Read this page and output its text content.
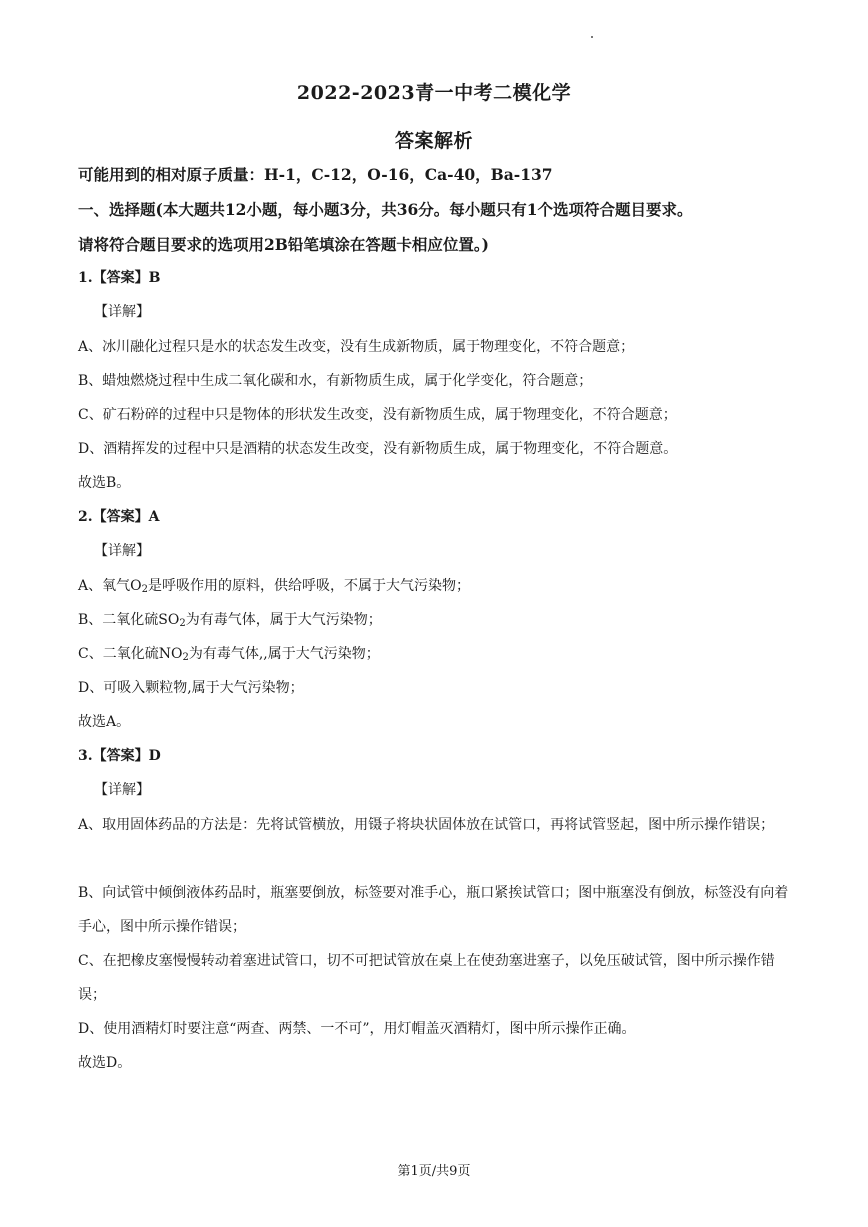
2022-2023青一中考二模化学
答案解析
可能用到的相对原子质量：H-1，C-12，O-16，Ca-40，Ba-137
一、选择题(本大题共12小题，每小题3分，共36分。每小题只有1个选项符合题目要求。
请将符合题目要求的选项用2B铅笔填涂在答题卡相应位置。)
1.【答案】B
【详解】
A、冰川融化过程只是水的状态发生改变，没有生成新物质，属于物理变化，不符合题意；
B、蜡烛燃烧过程中生成二氧化碳和水，有新物质生成，属于化学变化，符合题意；
C、矿石粉碎的过程中只是物体的形状发生改变，没有新物质生成，属于物理变化，不符合题意；
D、酒精挥发的过程中只是酒精的状态发生改变，没有新物质生成，属于物理变化，不符合题意。
故选B。
2.【答案】A
【详解】
A、氧气$O_2$是呼吸作用的原料，供给呼吸，不属于大气污染物；
B、二氧化硫$SO_2$为有毒气体，属于大气污染物；
C、二氧化硫$NO_2$为有毒气体,,属于大气污染物；
D、可吸入颗粒物,属于大气污染物；
故选A。
3.【答案】D
【详解】
A、取用固体药品的方法是：先将试管横放，用镊子将块状固体放在试管口，再将试管竖起，图中所示操作错误；
B、向试管中倾倒液体药品时，瓶塞要倒放，标签要对准手心，瓶口紧挨试管口；图中瓶塞没有倒放，标签没有向着手心，图中所示操作错误；
C、在把橡皮塞慢慢转动着塞进试管口，切不可把试管放在桌上在使劲塞进塞子，以免压破试管，图中所示操作错误；
D、使用酒精灯时要注意“两查、两禁、一不可”，用灯帽盖灭酒精灯，图中所示操作正确。
故选D。
第1页/共9页
